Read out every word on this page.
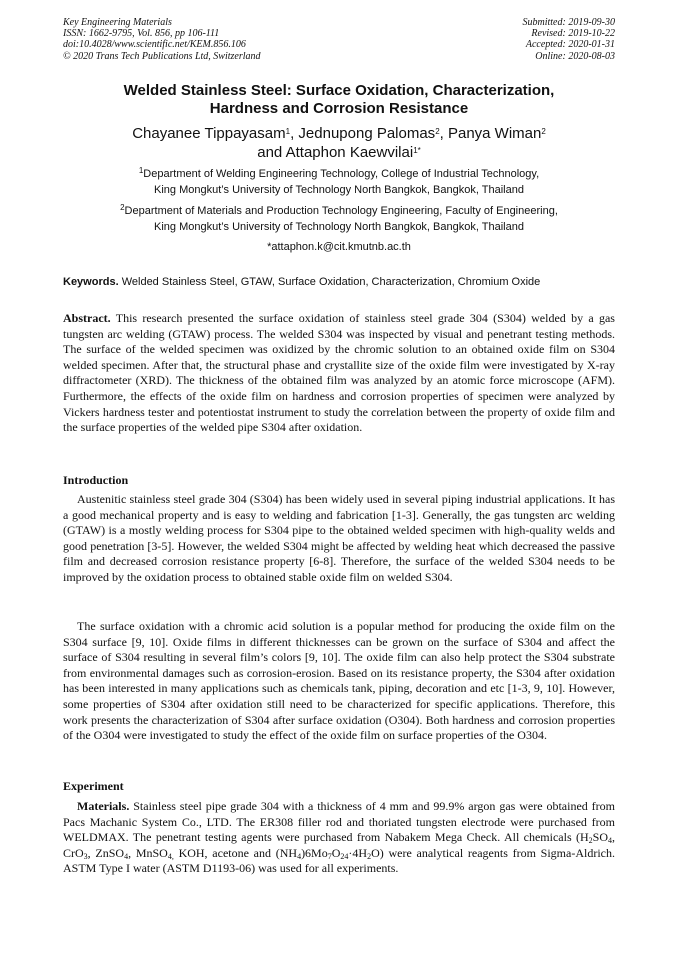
Key Engineering Materials
ISSN: 1662-9795, Vol. 856, pp 106-111
doi:10.4028/www.scientific.net/KEM.856.106
© 2020 Trans Tech Publications Ltd, Switzerland
Submitted: 2019-09-30
Revised: 2019-10-22
Accepted: 2020-01-31
Online: 2020-08-03
Welded Stainless Steel: Surface Oxidation, Characterization,
Hardness and Corrosion Resistance
Chayanee Tippayasam$^1$, Jednupong Palomas$^2$, Panya Wiman$^2$
and Attaphon Kaewvilai$^{1*}$
$^1$Department of Welding Engineering Technology, College of Industrial Technology,
King Mongkut’s University of Technology North Bangkok, Bangkok, Thailand
$^2$Department of Materials and Production Technology Engineering, Faculty of Engineering,
King Mongkut’s University of Technology North Bangkok, Bangkok, Thailand
*attaphon.k@cit.kmutnb.ac.th
Keywords. Welded Stainless Steel, GTAW, Surface Oxidation, Characterization, Chromium Oxide
Abstract. This research presented the surface oxidation of stainless steel grade 304 (S304) welded by a gas tungsten arc welding (GTAW) process. The welded S304 was inspected by visual and penetrant testing methods. The surface of the welded specimen was oxidized by the chromic solution to an obtained oxide film on S304 welded specimen. After that, the structural phase and crystallite size of the oxide film were investigated by X-ray diffractometer (XRD). The thickness of the obtained film was analyzed by an atomic force microscope (AFM). Furthermore, the effects of the oxide film on hardness and corrosion properties of specimen were analyzed by Vickers hardness tester and potentiostat instrument to study the correlation between the property of oxide film and the surface properties of the welded pipe S304 after oxidation.
Introduction
Austenitic stainless steel grade 304 (S304) has been widely used in several piping industrial applications. It has a good mechanical property and is easy to welding and fabrication [1-3]. Generally, the gas tungsten arc welding (GTAW) is a mostly welding process for S304 pipe to the obtained welded specimen with high-quality welds and good penetration [3-5]. However, the welded S304 might be affected by welding heat which decreased the passive film and decreased corrosion resistance property [6-8]. Therefore, the surface of the welded S304 needs to be improved by the oxidation process to obtained stable oxide film on welded S304.
The surface oxidation with a chromic acid solution is a popular method for producing the oxide film on the S304 surface [9, 10]. Oxide films in different thicknesses can be grown on the surface of S304 and affect the surface of S304 resulting in several film’s colors [9, 10]. The oxide film can also help protect the S304 substrate from environmental damages such as corrosion-erosion. Based on its resistance property, the S304 after oxidation has been interested in many applications such as chemicals tank, piping, decoration and etc [1-3, 9, 10]. However, some properties of S304 after oxidation still need to be characterized for specific applications. Therefore, this work presents the characterization of S304 after surface oxidation (O304). Both hardness and corrosion properties of the O304 were investigated to study the effect of the oxide film on surface properties of the O304.
Experiment
Materials. Stainless steel pipe grade 304 with a thickness of 4 mm and 99.9% argon gas were obtained from Pacs Machanic System Co., LTD. The ER308 filler rod and thoriated tungsten electrode were purchased from WELDMAX. The penetrant testing agents were purchased from Nabakem Mega Check. All chemicals ($H_2SO_4$, CrO$_3$, ZnSO$_4$, MnSO$_{4,}$ KOH, acetone and $(NH_4)6Mo_7O_{24}\cdot 4H_2O$) were analytical reagents from Sigma-Aldrich. ASTM Type I water (ASTM D1193-06) was used for all experiments.
